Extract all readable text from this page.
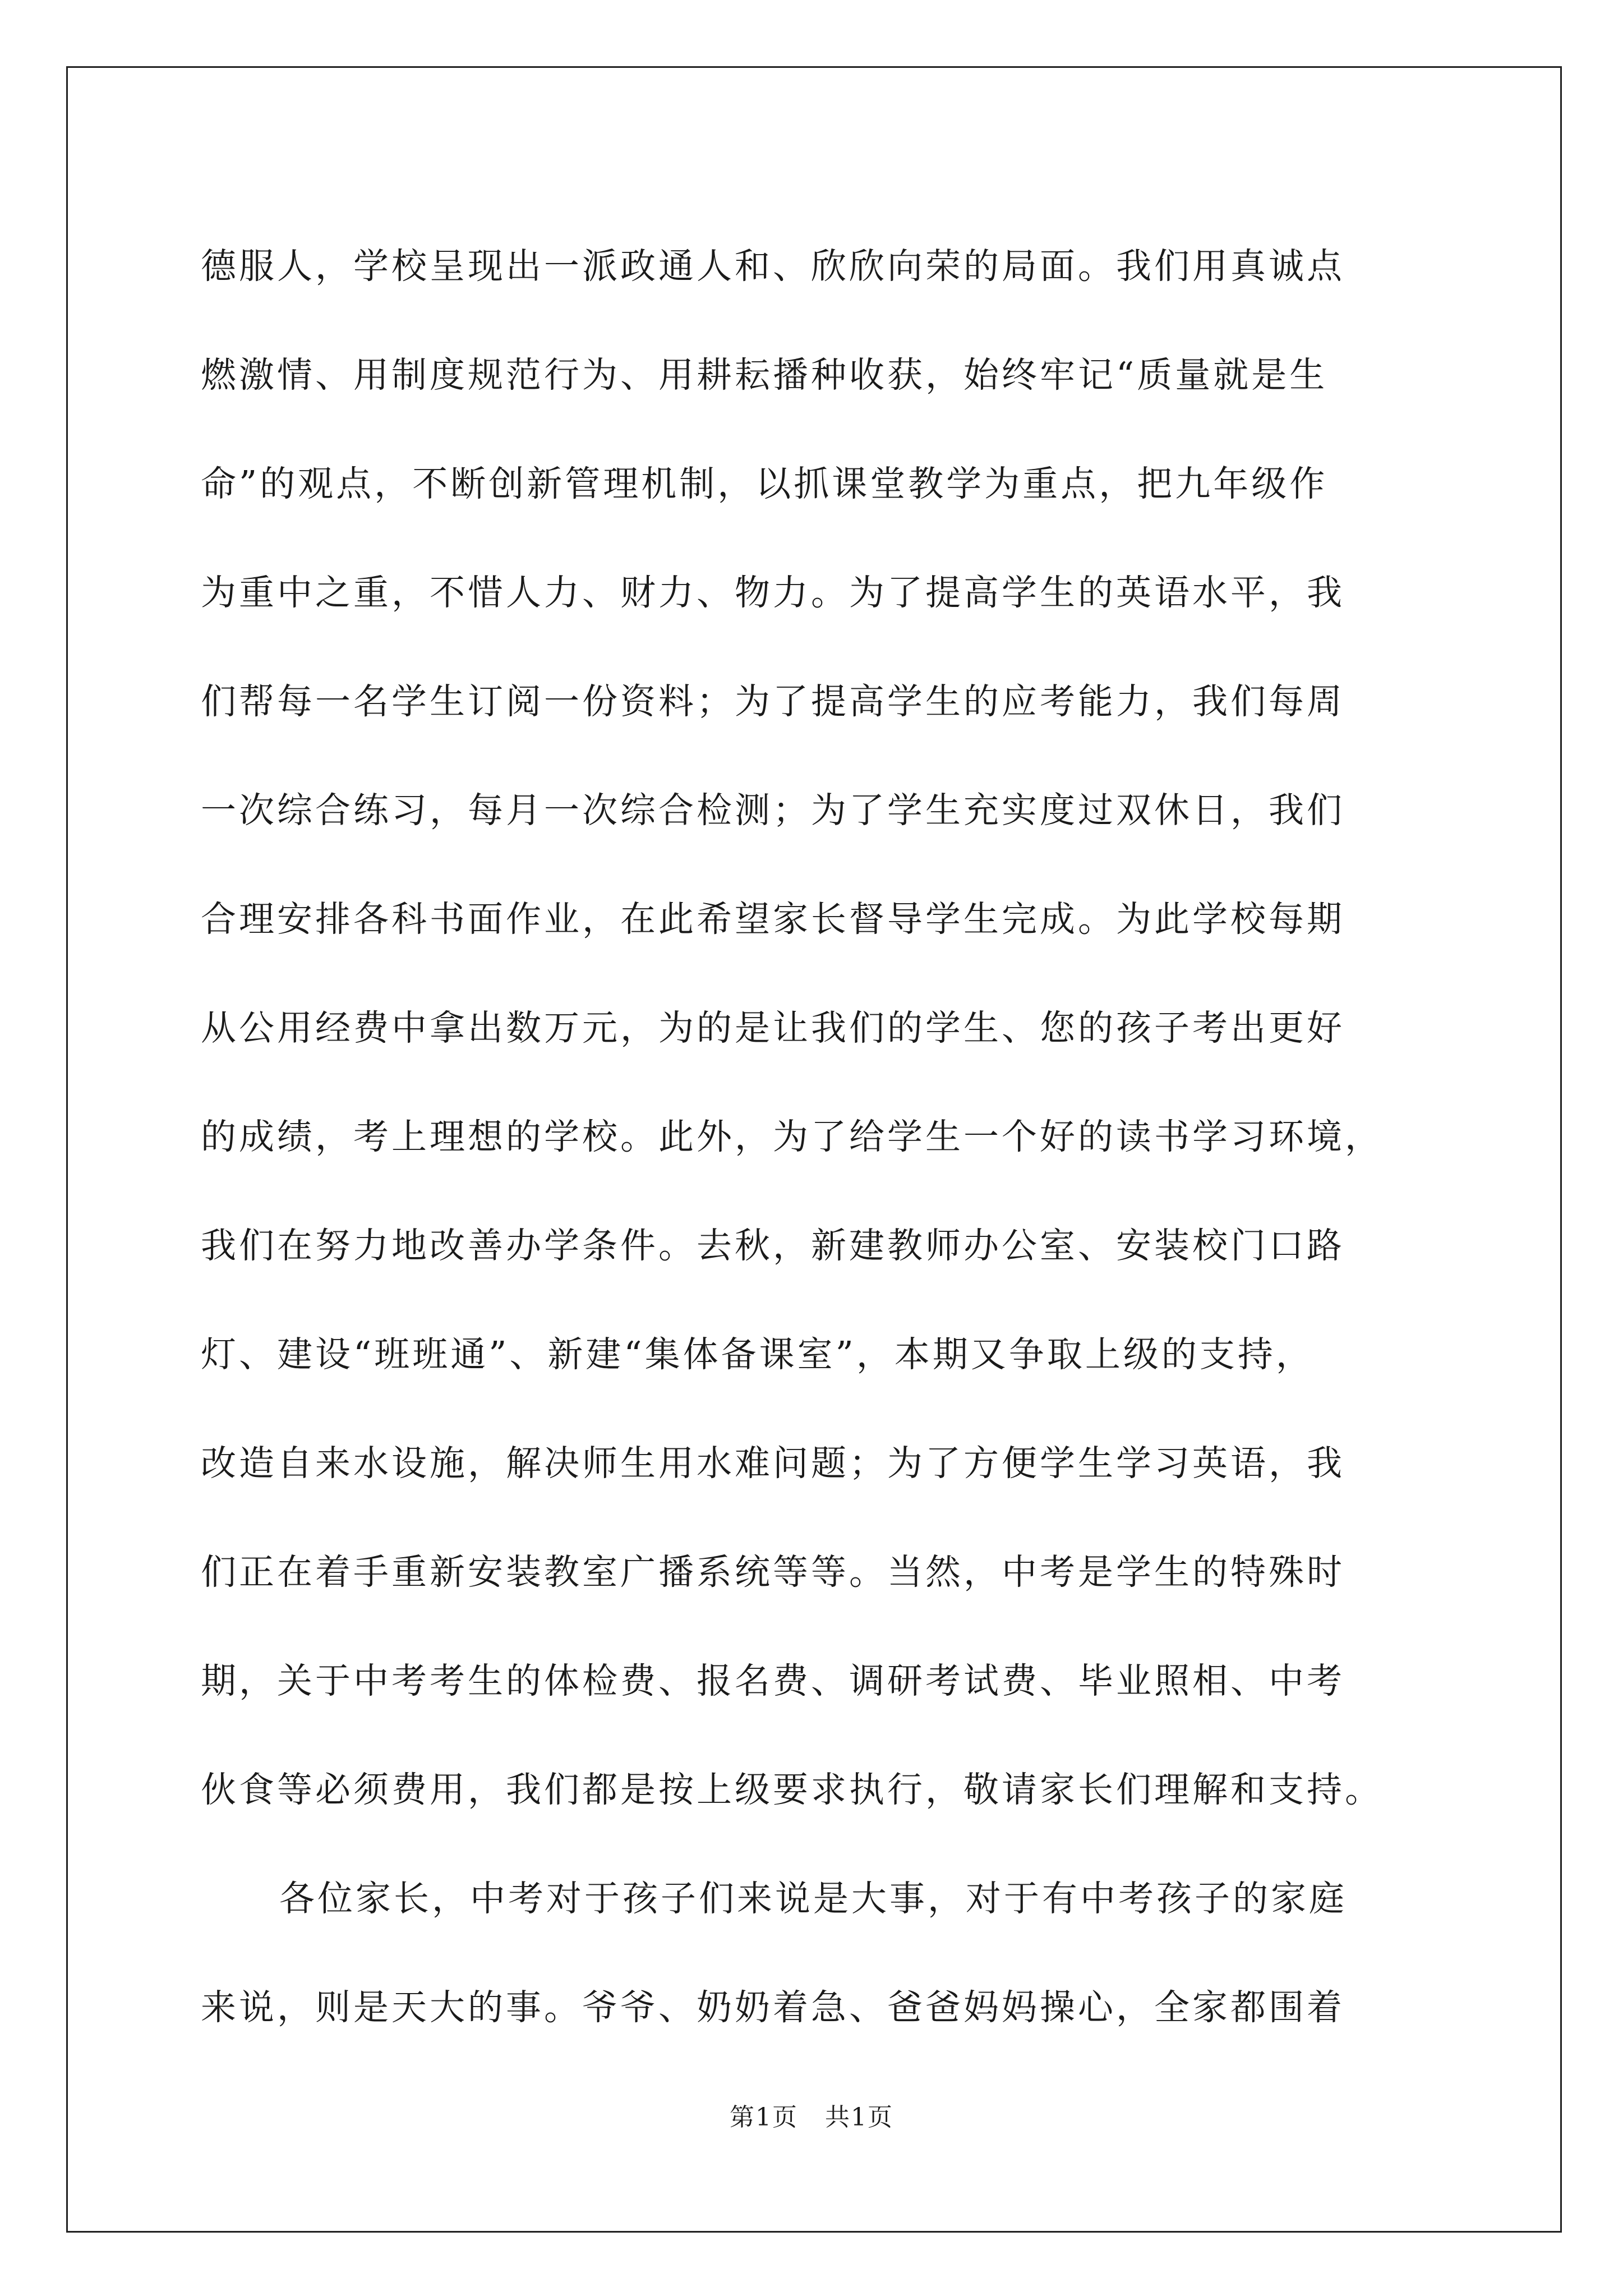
德服人，学校呈现出一派政通人和、欣欣向荣的局面。我们用真诚点
燃激情、用制度规范行为、用耕耘播种收获，始终牢记“质量就是生
命”的观点，不断创新管理机制，以抓课堂教学为重点，把九年级作
为重中之重，不惜人力、财力、物力。为了提高学生的英语水平，我
们帮每一名学生订阅一份资料；为了提高学生的应考能力，我们每周
一次综合练习，每月一次综合检测；为了学生充实度过双休日，我们
合理安排各科书面作业，在此希望家长督导学生完成。为此学校每期
从公用经费中拿出数万元，为的是让我们的学生、您的孩子考出更好
的成绩，考上理想的学校。此外，为了给学生一个好的读书学习环境，
我们在努力地改善办学条件。去秋，新建教师办公室、安装校门口路
灯、建设“班班通”、新建“集体备课室”，本期又争取上级的支持，
改造自来水设施，解决师生用水难问题；为了方便学生学习英语，我
们正在着手重新安装教室广播系统等等。当然，中考是学生的特殊时
期，关于中考考生的体检费、报名费、调研考试费、毕业照相、中考
伙食等必须费用，我们都是按上级要求执行，敬请家长们理解和支持。
各位家长，中考对于孩子们来说是大事，对于有中考孩子的家庭
来说，则是天大的事。爷爷、奶奶着急、爸爸妈妈操心，全家都围着
第1页 共1页
